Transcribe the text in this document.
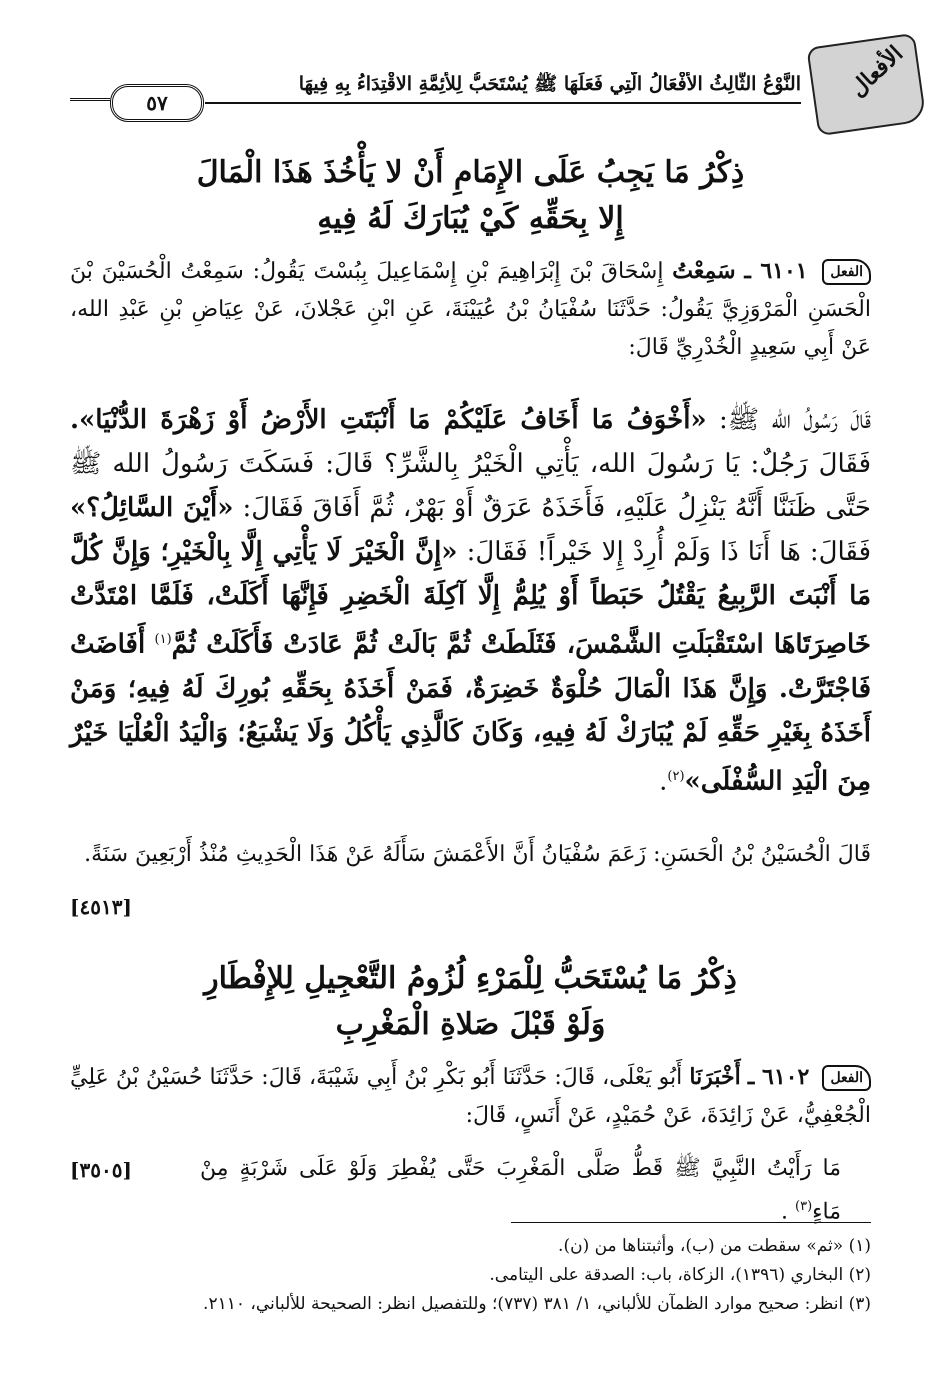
الأفعال
النَّوْعُ الثَّالِثُ الأَفْعَالُ الَّتِي فَعَلَهَا ﷺ يُسْتَحَبُّ لِلأَئِمَّةِ الاقْتِدَاءُ بِهِ فِيهَا
٥٧
ذِكْرُ مَا يَجِبُ عَلَى الإِمَامِ أَنْ لا يَأْخُذَ هَذَا الْمَالَ
إِلا بِحَقِّهِ كَيْ يُبَارَكَ لَهُ فِيهِ
الفعل ٦١٠١ ـ سَمِعْتُ إِسْحَاقَ بْنَ إِبْرَاهِيمَ بْنِ إِسْمَاعِيلَ بِبُسْتَ يَقُولُ: سَمِعْتُ الْحُسَيْنَ بْنَ الْحَسَنِ الْمَرْوَزِيَّ يَقُولُ: حَدَّثَنَا سُفْيَانُ بْنُ عُيَيْنَةَ، عَنِ ابْنِ عَجْلانَ، عَنْ عِيَاضِ بْنِ عَبْدِ الله، عَنْ أَبِي سَعِيدٍ الْخُدْرِيِّ قَالَ:
قَالَ رَسُولُ الله ﷺ: «أَخْوَفُ مَا أَخَافُ عَلَيْكُمْ مَا أَنْبَتَتِ الأَرْضُ أَوْ زَهْرَةَ الدُّنْيَا». فَقَالَ رَجُلٌ: يَا رَسُولَ الله، يَأْتِي الْخَيْرُ بِالشَّرِّ؟ قَالَ: فَسَكَتَ رَسُولُ الله ﷺ حَتَّى ظَنَنَّا أَنَّهُ يَنْزِلُ عَلَيْهِ، فَأَخَذَهُ عَرَقٌ أَوْ بَهْرٌ، ثُمَّ أَفَاقَ فَقَالَ: «أَيْنَ السَّائِلُ؟» فَقَالَ: هَا أَنَا ذَا وَلَمْ أُرِدْ إِلا خَيْراً! فَقَالَ: «إِنَّ الْخَيْرَ لَا يَأْتِي إِلَّا بِالْخَيْرِ؛ وَإِنَّ كُلَّ مَا أَنْبَتَ الرَّبِيعُ يَقْتُلُ حَبَطاً أَوْ يُلِمُّ إِلَّا آكِلَةَ الْخَضِرِ فَإِنَّهَا أَكَلَتْ، فَلَمَّا امْتَدَّتْ خَاصِرَتَاهَا اسْتَقْبَلَتِ الشَّمْسَ، فَثَلَطَتْ ثُمَّ بَالَتْ ثُمَّ عَادَتْ فَأَكَلَتْ ثُمَّ$^{(١)}$ أَفَاضَتْ فَاجْتَرَّتْ. وَإِنَّ هَذَا الْمَالَ حُلْوَةٌ خَضِرَةٌ، فَمَنْ أَخَذَهُ بِحَقِّهِ بُورِكَ لَهُ فِيهِ؛ وَمَنْ أَخَذَهُ بِغَيْرِ حَقِّهِ لَمْ يُبَارَكْ لَهُ فِيهِ، وَكَانَ كَالَّذِي يَأْكُلُ وَلَا يَشْبَعُ؛ وَالْيَدُ الْعُلْيَا خَيْرٌ مِنَ الْيَدِ السُّفْلَى»$^{(٢)}$.
قَالَ الْحُسَيْنُ بْنُ الْحَسَنِ: زَعَمَ سُفْيَانُ أَنَّ الأَعْمَشَ سَأَلَهُ عَنْ هَذَا الْحَدِيثِ مُنْذُ أَرْبَعِينَ سَنَةً.
[٤٥١٣]
ذِكْرُ مَا يُسْتَحَبُّ لِلْمَرْءِ لُزُومُ التَّعْجِيلِ لِلإِفْطَارِ
وَلَوْ قَبْلَ صَلاةِ الْمَغْرِبِ
الفعل ٦١٠٢ ـ أَخْبَرَنَا أَبُو يَعْلَى، قَالَ: حَدَّثَنَا أَبُو بَكْرِ بْنُ أَبِي شَيْبَةَ، قَالَ: حَدَّثَنَا حُسَيْنُ بْنُ عَلِيٍّ الْجُعْفِيُّ، عَنْ زَائِدَةَ، عَنْ حُمَيْدٍ، عَنْ أَنَسٍ، قَالَ:
مَا رَأَيْتُ النَّبِيَّ ﷺ قَطُّ صَلَّى الْمَغْرِبَ حَتَّى يُفْطِرَ وَلَوْ عَلَى شَرْبَةٍ مِنْ مَاءٍ$^{(٣)}$ .
[٣٥٠٥]
(١) «ثم» سقطت من (ب)، وأثبتناها من (ن).
(٢) البخاري (١٣٩٦)، الزكاة، باب: الصدقة على اليتامى.
(٣) انظر: صحيح موارد الظمآن للألباني، ١/ ٣٨١ (٧٣٧)؛ وللتفصيل انظر: الصحيحة للألباني، ٢١١٠.
